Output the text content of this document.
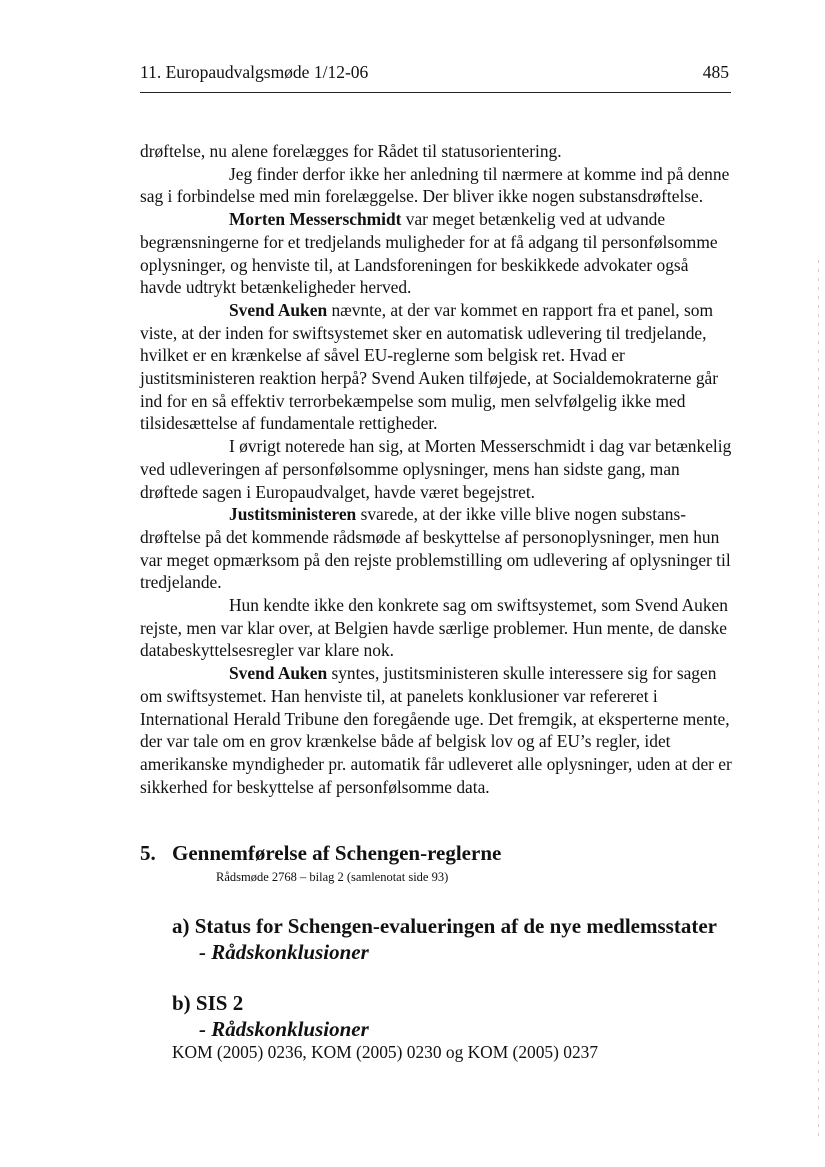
11. Europaudvalgsmøde 1/12-06	485

drøftelse, nu alene forelægges for Rådet til statusorientering.

Jeg finder derfor ikke her anledning til nærmere at komme ind på denne sag i forbindelse med min forelæggelse. Der bliver ikke nogen substansdrøftelse.

Morten Messerschmidt var meget betænkelig ved at udvande begrænsningerne for et tredjelands muligheder for at få adgang til personfølsomme oplysninger, og henviste til, at Landsforeningen for beskikkede advokater også havde udtrykt betænkeligheder herved.

Svend Auken nævnte, at der var kommet en rapport fra et panel, som viste, at der inden for swiftsystemet sker en automatisk udlevering til tredjelande, hvilket er en krænkelse af såvel EU-reglerne som belgisk ret. Hvad er justitsministeren reaktion herpå? Svend Auken tilføjede, at Socialdemokraterne går ind for en så effektiv terrorbekæmpelse som mulig, men selvfølgelig ikke med tilsidesættelse af fundamentale rettigheder.

I øvrigt noterede han sig, at Morten Messerschmidt i dag var betænkelig ved udleveringen af personfølsomme oplysninger, mens han sidste gang, man drøftede sagen i Europaudvalget, havde været begejstret.

Justitsministeren svarede, at der ikke ville blive nogen substans-drøftelse på det kommende rådsmøde af beskyttelse af personoplysninger, men hun var meget opmærksom på den rejste problemstilling om udlevering af oplysninger til tredjelande.

Hun kendte ikke den konkrete sag om swiftsystemet, som Svend Auken rejste, men var klar over, at Belgien havde særlige problemer. Hun mente, de danske databeskyttelsesregler var klare nok.

Svend Auken syntes, justitsministeren skulle interessere sig for sagen om swiftsystemet. Han henviste til, at panelets konklusioner var refereret i International Herald Tribune den foregående uge. Det fremgik, at eksperterne mente, der var tale om en grov krænkelse både af belgisk lov og af EU’s regler, idet amerikanske myndigheder pr. automatik får udleveret alle oplysninger, uden at der er sikkerhed for beskyttelse af personfølsomme data.

5. Gennemførelse af Schengen-reglerne
Rådsmøde 2768 – bilag 2 (samlenotat side 93)
a) Status for Schengen-evalueringen af de nye medlemsstater
- Rådskonklusioner
b) SIS 2
- Rådskonklusioner
KOM (2005) 0236, KOM (2005) 0230 og KOM (2005) 0237
